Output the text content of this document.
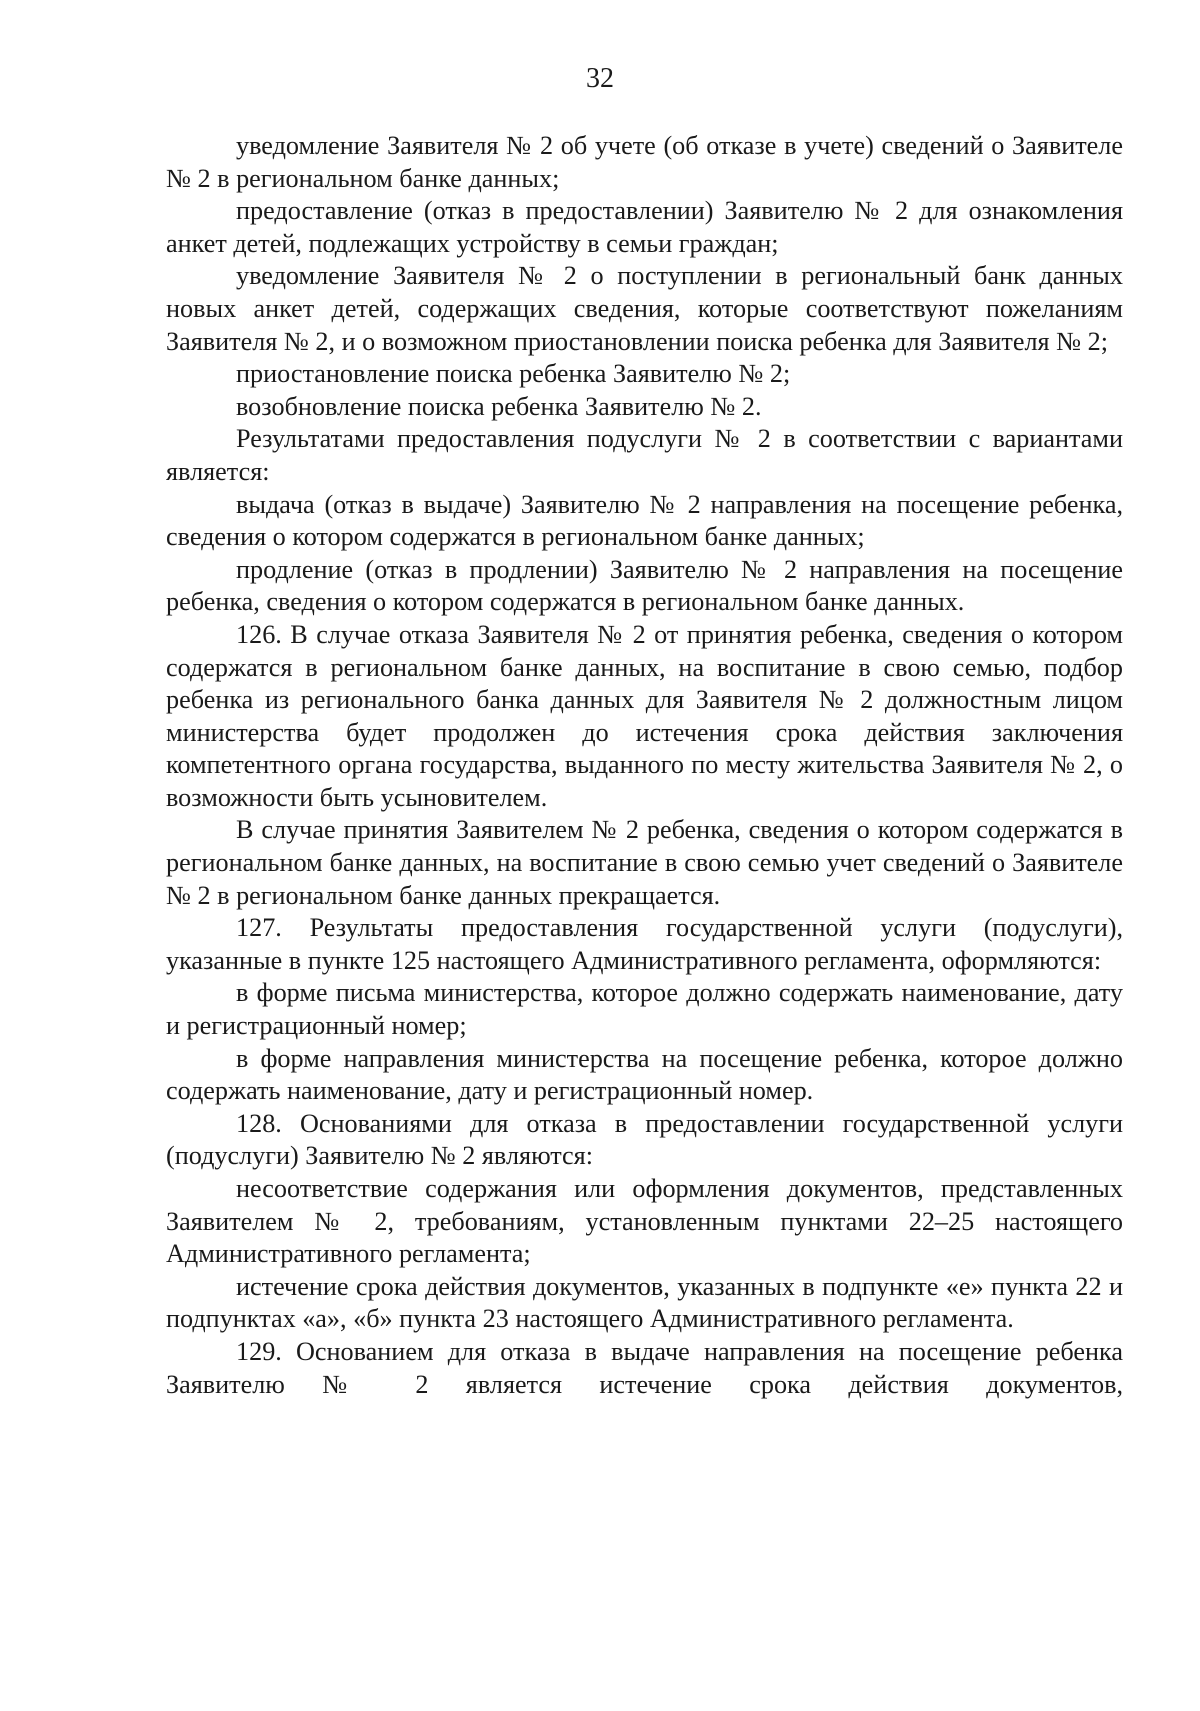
32

уведомление Заявителя № 2 об учете (об отказе в учете) сведений о Заявителе № 2 в региональном банке данных;

предоставление (отказ в предоставлении) Заявителю № 2 для ознакомления анкет детей, подлежащих устройству в семьи граждан;

уведомление Заявителя № 2 о поступлении в региональный банк данных новых анкет детей, содержащих сведения, которые соответствуют пожеланиям Заявителя № 2, и о возможном приостановлении поиска ребенка для Заявителя № 2;

приостановление поиска ребенка Заявителю № 2;

возобновление поиска ребенка Заявителю № 2.

Результатами предоставления подуслуги № 2 в соответствии с вариантами является:

выдача (отказ в выдаче) Заявителю № 2 направления на посещение ребенка, сведения о котором содержатся в региональном банке данных;

продление (отказ в продлении) Заявителю № 2 направления на посещение ребенка, сведения о котором содержатся в региональном банке данных.

126. В случае отказа Заявителя № 2 от принятия ребенка, сведения о котором содержатся в региональном банке данных, на воспитание в свою семью, подбор ребенка из регионального банка данных для Заявителя № 2 должностным лицом министерства будет продолжен до истечения срока действия заключения компетентного органа государства, выданного по месту жительства Заявителя № 2, о возможности быть усыновителем.

В случае принятия Заявителем № 2 ребенка, сведения о котором содержатся в региональном банке данных, на воспитание в свою семью учет сведений о Заявителе № 2 в региональном банке данных прекращается.

127. Результаты предоставления государственной услуги (подуслуги), указанные в пункте 125 настоящего Административного регламента, оформляются:

в форме письма министерства, которое должно содержать наименование, дату и регистрационный номер;

в форме направления министерства на посещение ребенка, которое должно содержать наименование, дату и регистрационный номер.

128. Основаниями для отказа в предоставлении государственной услуги (подуслуги) Заявителю № 2 являются:

несоответствие содержания или оформления документов, представленных Заявителем № 2, требованиям, установленным пунктами 22–25 настоящего Административного регламента;

истечение срока действия документов, указанных в подпункте «е» пункта 22 и подпунктах «а», «б» пункта 23 настоящего Административного регламента.

129. Основанием для отказа в выдаче направления на посещение ребенка Заявителю № 2 является истечение срока действия документов,
